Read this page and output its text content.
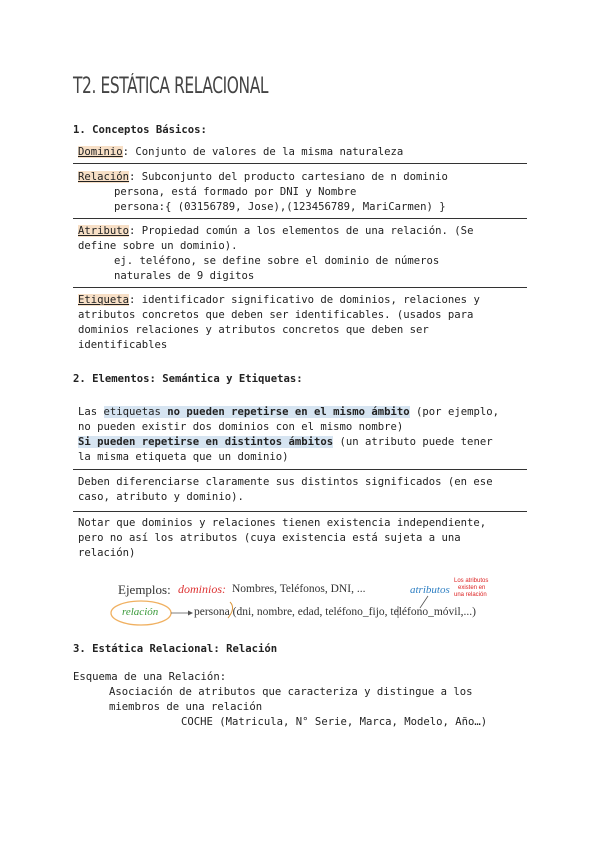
T2. ESTÁTICA RELACIONAL
1. Conceptos Básicos:
Dominio: Conjunto de valores de la misma naturaleza
Relación: Subconjunto del producto cartesiano de n dominio
persona, está formado por DNI y Nombre
persona:{ (03156789, Jose),(123456789, MariCarmen) }
Atributo: Propiedad común a los elementos de una relación. (Se
define sobre un dominio).
ej. teléfono, se define sobre el dominio de números
naturales de 9 digitos
Etiqueta: identificador significativo de dominios, relaciones y
atributos concretos que deben ser identificables. (usados para
dominios relaciones y atributos concretos que deben ser
identificables
2. Elementos: Semántica y Etiquetas:
Las etiquetas no pueden repetirse en el mismo ámbito (por ejemplo,
no pueden existir dos dominios con el mismo nombre)
Si pueden repetirse en distintos ámbitos (un atributo puede tener
la misma etiqueta que un dominio)
Deben diferenciarse claramente sus distintos significados (en ese
caso, atributo y dominio).
Notar que dominios y relaciones tienen existencia independiente,
pero no así los atributos (cuya existencia está sujeta a una
relación)
Ejemplos: dominios: Nombres, Teléfonos, DNI, ...	atributos
Los atributos
existen en
una relación
relación	persona (dni, nombre, edad, teléfono_fijo, teléfono_móvil,...)
3. Estática Relacional: Relación
Esquema de una Relación:
Asociación de atributos que caracteriza y distingue a los
miembros de una relación
COCHE (Matricula, N° Serie, Marca, Modelo, Año…)
